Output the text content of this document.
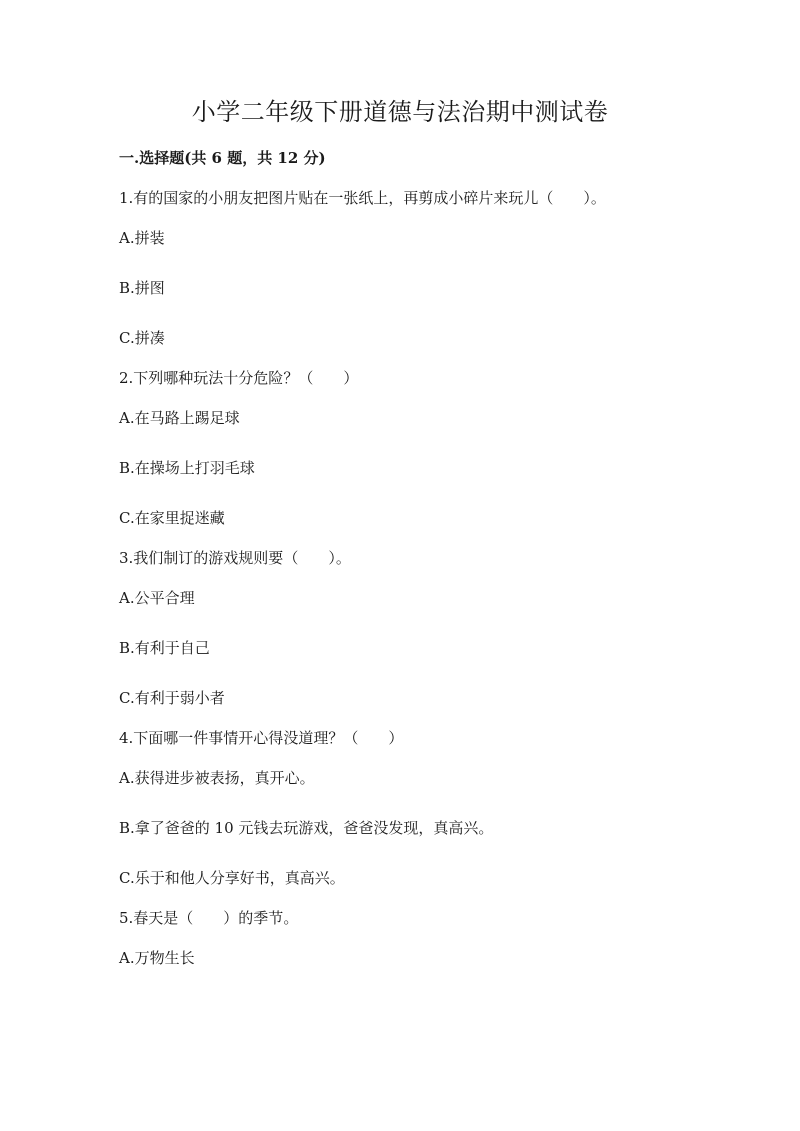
小学二年级下册道德与法治期中测试卷
一.选择题(共 6 题，共 12 分)
1.有的国家的小朋友把图片贴在一张纸上，再剪成小碎片来玩儿（　　）。
A.拼装
B.拼图
C.拼凑
2.下列哪种玩法十分危险？（　　）
A.在马路上踢足球
B.在操场上打羽毛球
C.在家里捉迷藏
3.我们制订的游戏规则要（　　）。
A.公平合理
B.有利于自己
C.有利于弱小者
4.下面哪一件事情开心得没道理？（　　）
A.获得进步被表扬，真开心。
B.拿了爸爸的 10 元钱去玩游戏，爸爸没发现，真高兴。
C.乐于和他人分享好书，真高兴。
5.春天是（　　）的季节。
A.万物生长
